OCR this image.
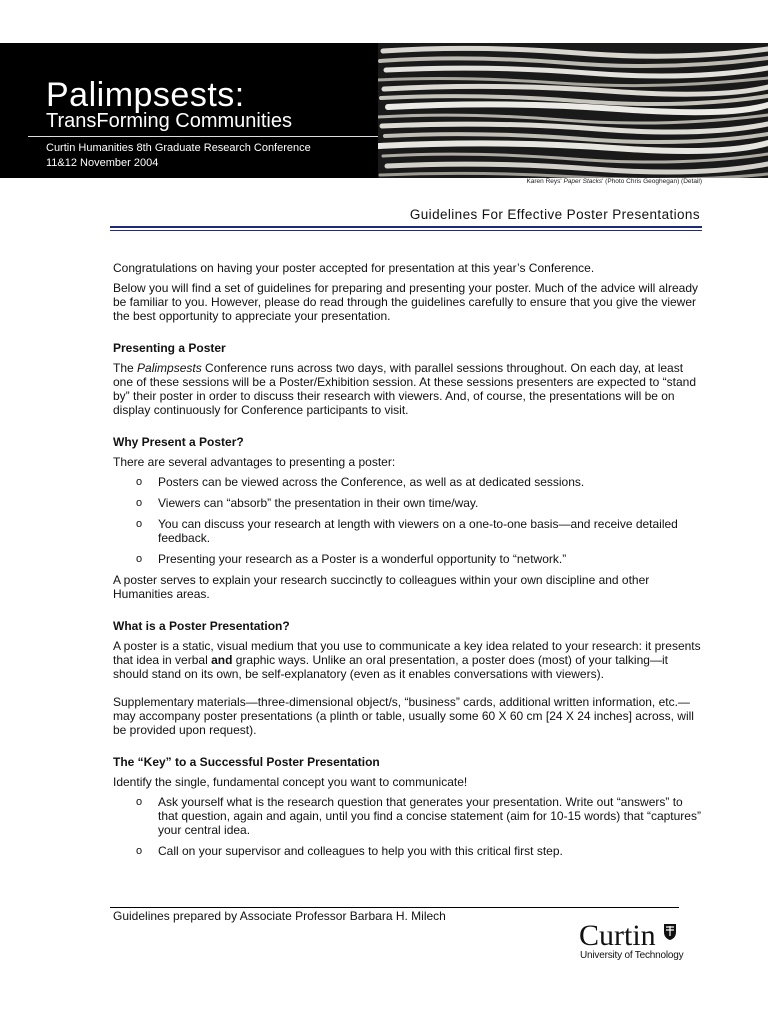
Palimpsests:
TransForming Communities
Curtin Humanities 8th Graduate Research Conference
11&12 November 2004
Karen Reys' Paper Stacks' (Photo Chris Geoghegan) (Detail)
Guidelines For Effective Poster Presentations

Congratulations on having your poster accepted for presentation at this year’s Conference.

Below you will find a set of guidelines for preparing and presenting your poster. Much of the advice will already be familiar to you. However, please do read through the guidelines carefully to ensure that you give the viewer the best opportunity to appreciate your presentation.

Presenting a Poster

The Palimpsests Conference runs across two days, with parallel sessions throughout. On each day, at least one of these sessions will be a Poster/Exhibition session. At these sessions presenters are expected to “stand by” their poster in order to discuss their research with viewers. And, of course, the presentations will be on display continuously for Conference participants to visit.

Why Present a Poster?

There are several advantages to presenting a poster:

o Posters can be viewed across the Conference, as well as at dedicated sessions.
o Viewers can “absorb” the presentation in their own time/way.
o You can discuss your research at length with viewers on a one-to-one basis—and receive detailed feedback.
o Presenting your research as a Poster is a wonderful opportunity to “network.”

A poster serves to explain your research succinctly to colleagues within your own discipline and other Humanities areas.

What is a Poster Presentation?

A poster is a static, visual medium that you use to communicate a key idea related to your research: it presents that idea in verbal and graphic ways. Unlike an oral presentation, a poster does (most) of your talking—it should stand on its own, be self-explanatory (even as it enables conversations with viewers).

Supplementary materials—three-dimensional object/s, “business” cards, additional written information, etc.—may accompany poster presentations (a plinth or table, usually some 60 X 60 cm [24 X 24 inches] across, will be provided upon request).

The “Key” to a Successful Poster Presentation

Identify the single, fundamental concept you want to communicate!

o Ask yourself what is the research question that generates your presentation. Write out “answers” to that question, again and again, until you find a concise statement (aim for 10-15 words) that “captures” your central idea.
o Call on your supervisor and colleagues to help you with this critical first step.
Guidelines prepared by Associate Professor Barbara H. Milech
Curtin
University of Technology
